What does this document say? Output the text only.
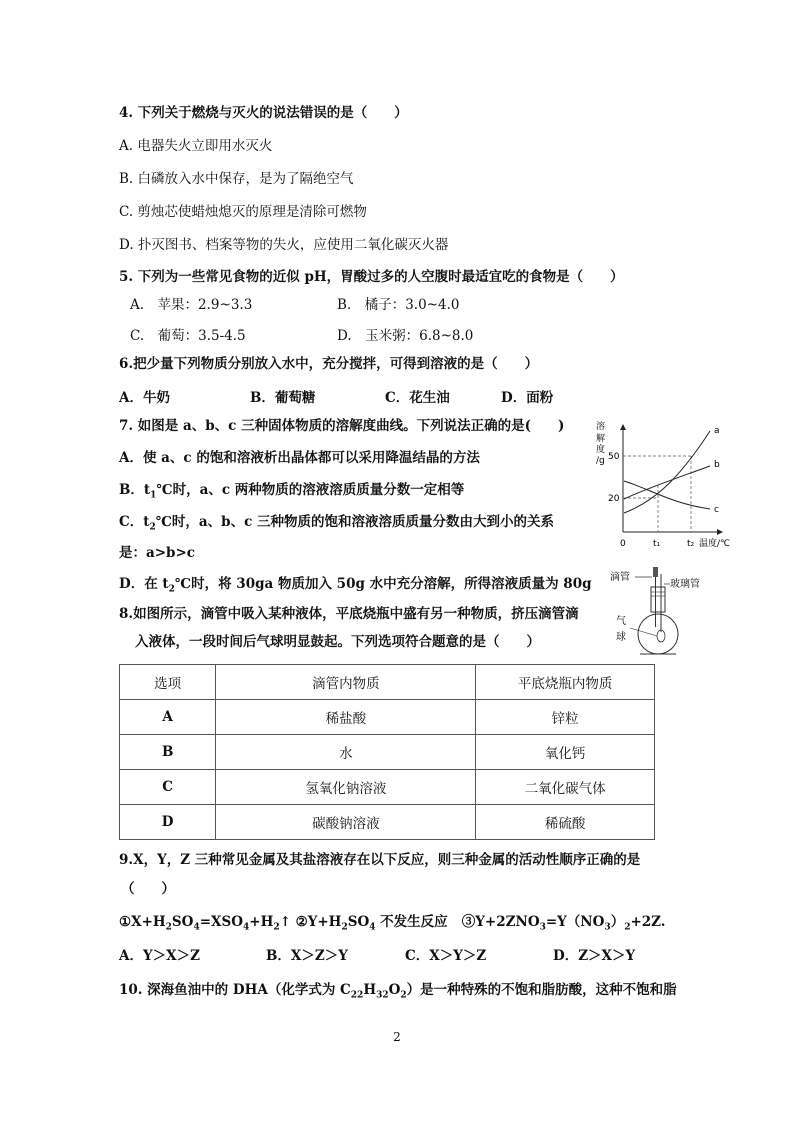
4. 下列关于燃烧与灭火的说法错误的是（　　）
A. 电器失火立即用水灭火
B. 白磷放入水中保存，是为了隔绝空气
C. 剪烛芯使蜡烛熄灭的原理是清除可燃物
D. 扑灭图书、档案等物的失火，应使用二氧化碳灭火器
5. 下列为一些常见食物的近似 pH，胃酸过多的人空腹时最适宜吃的食物是（　　）
A.　苹果：2.9~3.3	B.　橘子：3.0~4.0
C.　葡萄：3.5-4.5	D.　玉米粥：6.8~8.0
6.把少量下列物质分别放入水中，充分搅拌，可得到溶液的是（　　）
A．牛奶	B．葡萄糖	C．花生油	D．面粉
7. 如图是 a、b、c 三种固体物质的溶解度曲线。下列说法正确的是(　　)
A．使 a、c 的饱和溶液析出晶体都可以采用降温结晶的方法
B．$t_1℃$时，a、c 两种物质的溶液溶质质量分数一定相等
C．$t_2℃$时，a、b、c 三种物质的饱和溶液溶质质量分数由大到小的关系
是：a>b>c
D．在 $t_2℃$时，将 30ga 物质加入 50g 水中充分溶解，所得溶液质量为 80g
溶
解
度
/g 50
20
a
b
c
0	t₁	t₂ 温度/℃
滴管
玻璃管
气
球
8.如图所示，滴管中吸入某种液体，平底烧瓶中盛有另一种物质，挤压滴管滴
入液体，一段时间后气球明显鼓起。下列选项符合题意的是（　　）
选项	滴管内物质	平底烧瓶内物质
A	稀盐酸	锌粒
B	水	氧化钙
C	氢氧化钠溶液	二氧化碳气体
D	碳酸钠溶液	稀硫酸
9.X，Y，Z 三种常见金属及其盐溶液存在以下反应，则三种金属的活动性顺序正确的是
（　　）
$①X+H_2SO_4=XSO_4+H_2↑$ $②Y+H_2SO_4$ 不发生反应 $③Y+2ZNO_3=Y(NO_3)_2+2Z$.
A．Y＞X＞Z	B．X＞Z＞Y	C．X＞Y＞Z	D．Z＞X＞Y
10. 深海鱼油中的 DHA（化学式为 $C_{22}H_{32}O_2$）是一种特殊的不饱和脂肪酸，这种不饱和脂
2
